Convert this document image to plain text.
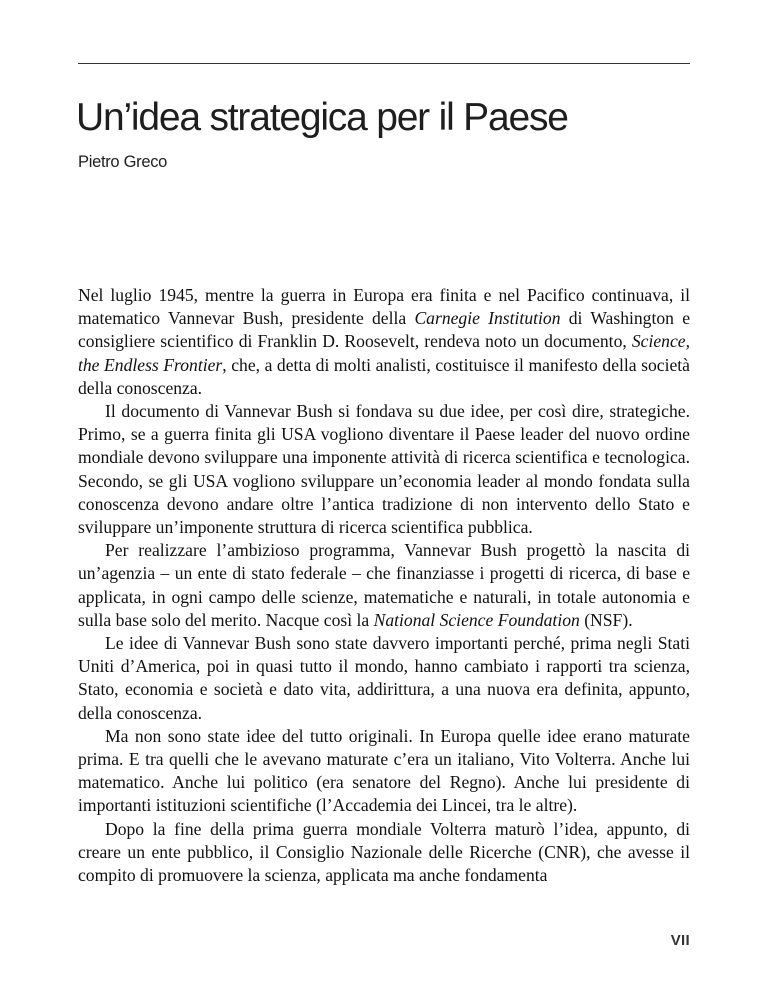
Un’idea strategica per il Paese

Pietro Greco

Nel luglio 1945, mentre la guerra in Europa era finita e nel Pacifico continuava, il matematico Vannevar Bush, presidente della Carnegie Institution di Washington e consigliere scientifico di Franklin D. Roosevelt, rendeva noto un documento, Science, the Endless Frontier, che, a detta di molti analisti, costituisce il manifesto della società della conoscenza.

Il documento di Vannevar Bush si fondava su due idee, per così dire, strategiche. Primo, se a guerra finita gli USA vogliono diventare il Paese leader del nuovo ordine mondiale devono sviluppare una imponente attività di ricerca scientifica e tecnologica. Secondo, se gli USA vogliono sviluppare un’economia leader al mondo fondata sulla conoscenza devono andare oltre l’antica tradizione di non intervento dello Stato e sviluppare un’imponente struttura di ricerca scientifica pubblica.

Per realizzare l’ambizioso programma, Vannevar Bush progettò la nascita di un’agenzia – un ente di stato federale – che finanziasse i progetti di ricerca, di base e applicata, in ogni campo delle scienze, matematiche e naturali, in totale autonomia e sulla base solo del merito. Nacque così la National Science Foundation (NSF).

Le idee di Vannevar Bush sono state davvero importanti perché, prima negli Stati Uniti d’America, poi in quasi tutto il mondo, hanno cambiato i rapporti tra scienza, Stato, economia e società e dato vita, addirittura, a una nuova era definita, appunto, della conoscenza.

Ma non sono state idee del tutto originali. In Europa quelle idee erano maturate prima. E tra quelli che le avevano maturate c’era un italiano, Vito Volterra. Anche lui matematico. Anche lui politico (era senatore del Regno). Anche lui presidente di importanti istituzioni scientifiche (l’Accademia dei Lincei, tra le altre).

Dopo la fine della prima guerra mondiale Volterra maturò l’idea, appunto, di creare un ente pubblico, il Consiglio Nazionale delle Ricerche (CNR), che avesse il compito di promuovere la scienza, applicata ma anche fondamenta

VII
